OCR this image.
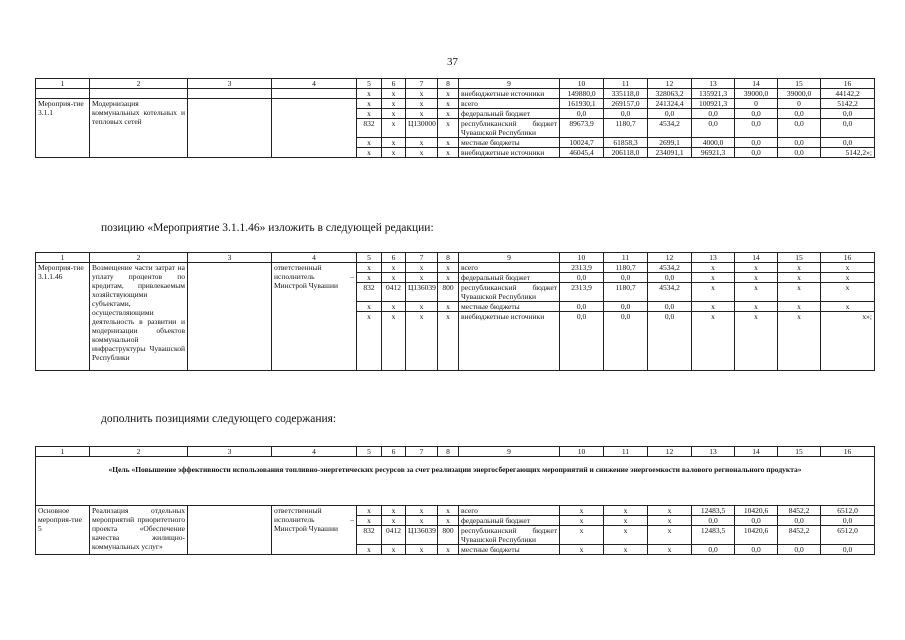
37
1	2	3	4	5	6	7	8	9	10	11	12	13	14	15	16
				х	х	х	х	внебюджетные источники	149880,0	335118,0	328063,2	135921,3	39000,0	39000,0	44142,2
Мероприя-тие 3.1.1	Модернизация коммунальных котельных и тепловых сетей			х	х	х	х	всего	161930,1	269157,0	241324,4	100921,3	0	0	5142,2
				х	х	х	х	федеральный бюджет	0,0	0,0	0,0	0,0	0,0	0,0	0,0
				832	х	Ц130000	х	республиканский бюджет Чувашской Республики	89673,9	1180,7	4534,2	0,0	0,0	0,0	0,0
				х	х	х	х	местные бюджеты	10024,7	61858,3	2699,1	4000,0	0,0	0,0	0,0
				х	х	х	х	внебюджетные источники	46045,4	206118,0	234091,1	96921,3	0,0	0,0	5142,2»;
позицию «Мероприятие 3.1.1.46» изложить в следующей редакции:
1	2	3	4	5	6	7	8	9	10	11	12	13	14	15	16
Мероприя-тие 3.1.1.46	Возмещение части затрат на уплату процентов по кредитам, привлекаемым хозяйствующими субъектами, осуществляющими деятельность в развитии и модернизации объектов коммунальной инфраструктуры Чувашской Республики		ответственный исполнитель – Минстрой Чувашии	х	х	х	х	всего	2313,9	1180,7	4534,2	х	х	х	х
				х	х	х	х	федеральный бюджет	0,0	0,0	0,0	х	х	х	х
				832	0412	Ц136039	800	республиканский бюджет Чувашской Республики	2313,9	1180,7	4534,2	х	х	х	х
				х	х	х	х	местные бюджеты	0,0	0,0	0,0	х	х	х	х
				х	х	х	х	внебюджетные источники	0,0	0,0	0,0	х	х	х	х»;

дополнить позициями следующего содержания:
1	2	3	4	5	6	7	8	9	10	11	12	13	14	15	16
«Цель «Повышение эффективности использования топливно-энергетических ресурсов за счет реализации энергосберегающих мероприятий и снижение энергоемкости валового регионального продукта»															
Основное мероприя-тие 5	Реализация отдельных мероприятий приоритетного проекта «Обеспечение качества жилищно-коммунальных услуг»		ответственный исполнитель – Минстрой Чувашии	х	х	х	х	всего	х	х	х	12483,5	10420,6	8452,2	6512,0
				х	х	х	х	федеральный бюджет	х	х	х	0,0	0,0	0,0	0,0
				832	0412	Ц136039	800	республиканский бюджет Чувашской Республики	х	х	х	12483,5	10420,6	8452,2	6512,0
				х	х	х	х	местные бюджеты	х	х	х	0,0	0,0	0,0	0,0
